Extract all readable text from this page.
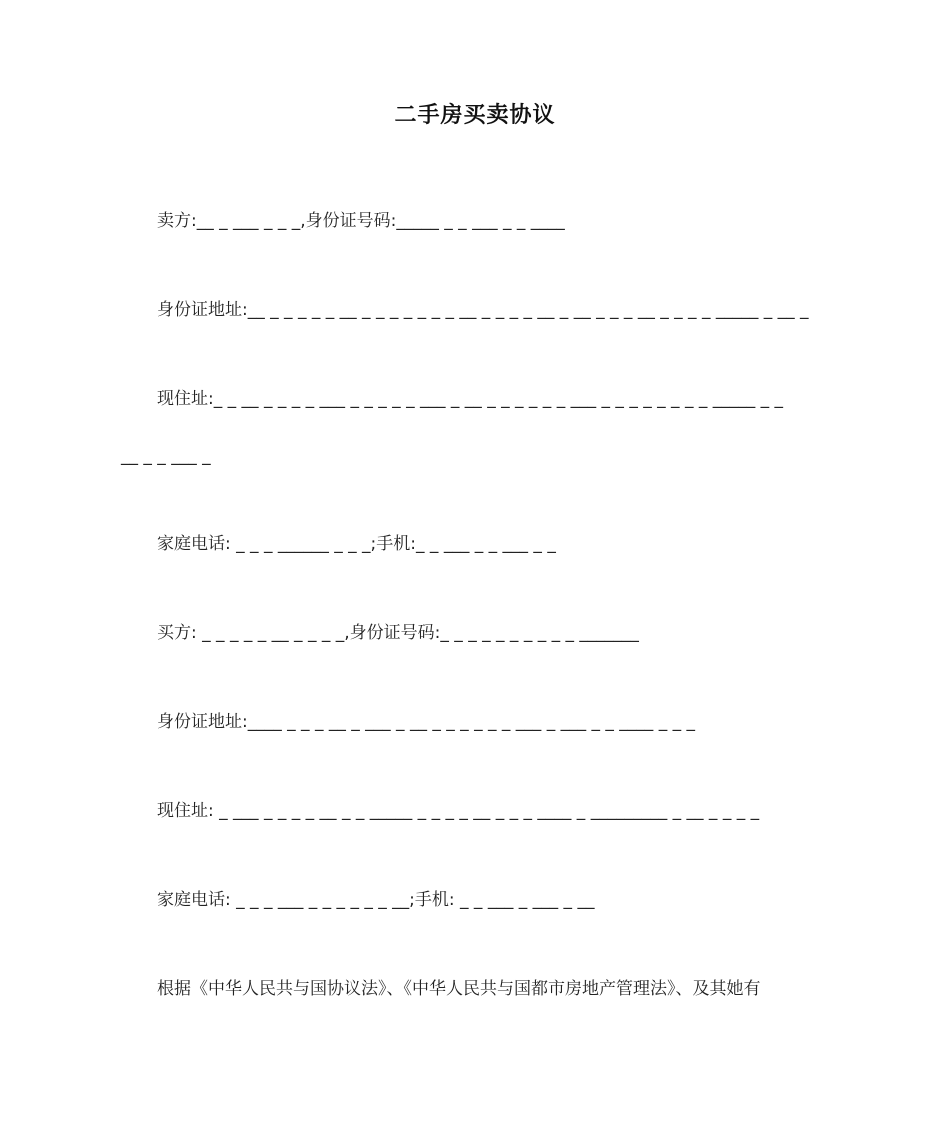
二手房买卖协议
卖方:__ _ ___ _ _ _,身份证号码:_____ _ _ ___ _ _ ____
身份证地址:__ _ _ _ _ _ __ _ _ _ _ _ _ _ __ _ _ _ _ __ _ __ _ _ _ __ _ _ _ _ _____ _ __ _
现住址:_ _ __ _ _ _ _ ___ _ _ _ _ _ ___ _ __ _ _ _ _ _ _ ___ _ _ _ _ _ _ _ _ _____ _ _
__ _ _ ___ _
家庭电话: _ _ _ ______ _ _ _;手机:_ _ ___ _ _ ___ _ _
买方: _ _ _ _ _ __ _ _ _ _,身份证号码:_ _ _ _ _ _ _ _ _ _ _______
身份证地址:____ _ _ _ __ _ ___ _ __ _ _ _ _ _ _ ___ _ ___ _ _ ____ _ _ _
现住址: _ ___ _ _ _ _ __ _ _ _____ _ _ _ _ __ _ _ _ ____ _ _________ _ __ _ _ _ _
家庭电话: _ _ _ ___ _ _ _ _ _ _ __;手机: _ _ ___ _ ___ _ __
根据《中华人民共与国协议法》、《中华人民共与国都市房地产管理法》、及其她有
